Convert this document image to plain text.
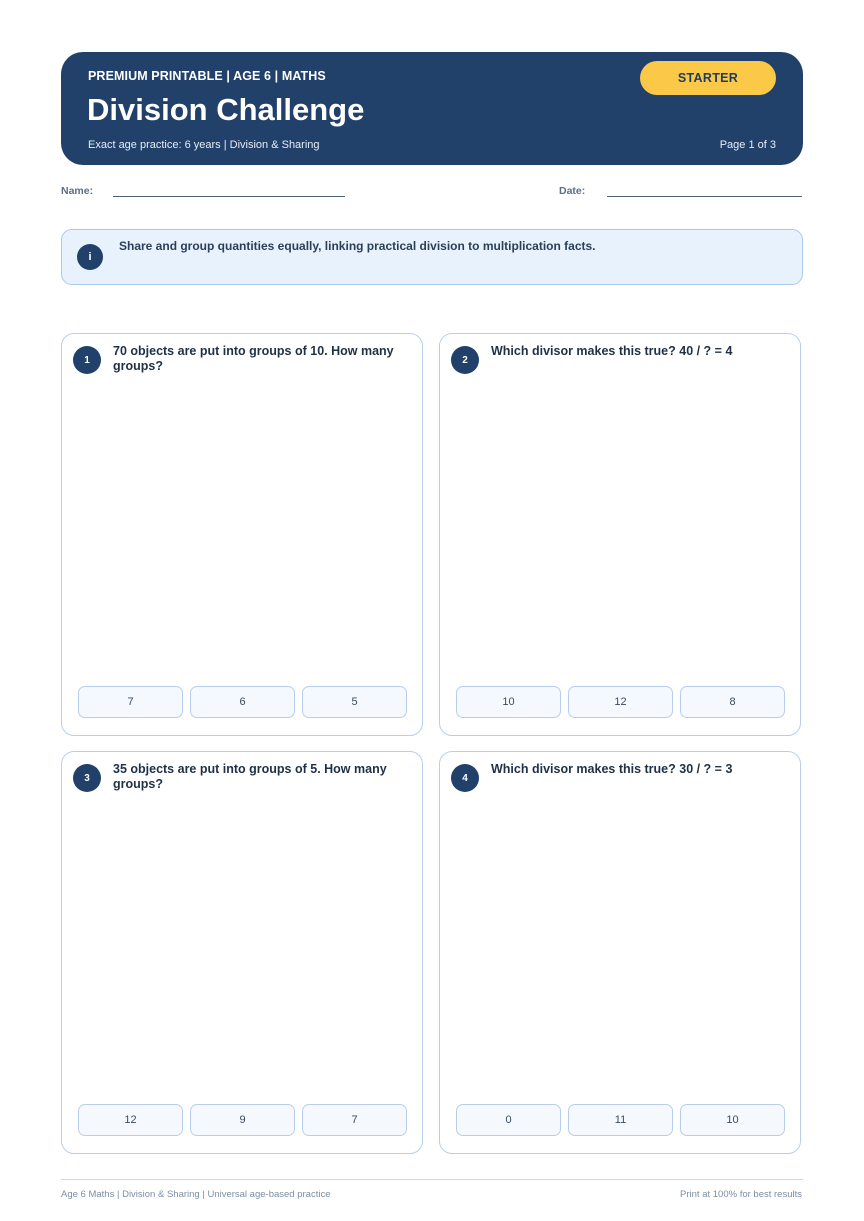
PREMIUM PRINTABLE | AGE 6 | MATHS
Division Challenge
Exact age practice: 6 years | Division & Sharing	Page 1 of 3
STARTER
Name:	Date:
i
Share and group quantities equally, linking practical division to multiplication facts.
1
70 objects are put into groups of 10. How many groups?
7	6	5
2
Which divisor makes this true? 40 / ? = 4
10	12	8
3
35 objects are put into groups of 5. How many groups?
12	9	7
4
Which divisor makes this true? 30 / ? = 3
0	11	10
Age 6 Maths | Division & Sharing | Universal age-based practice	Print at 100% for best results
